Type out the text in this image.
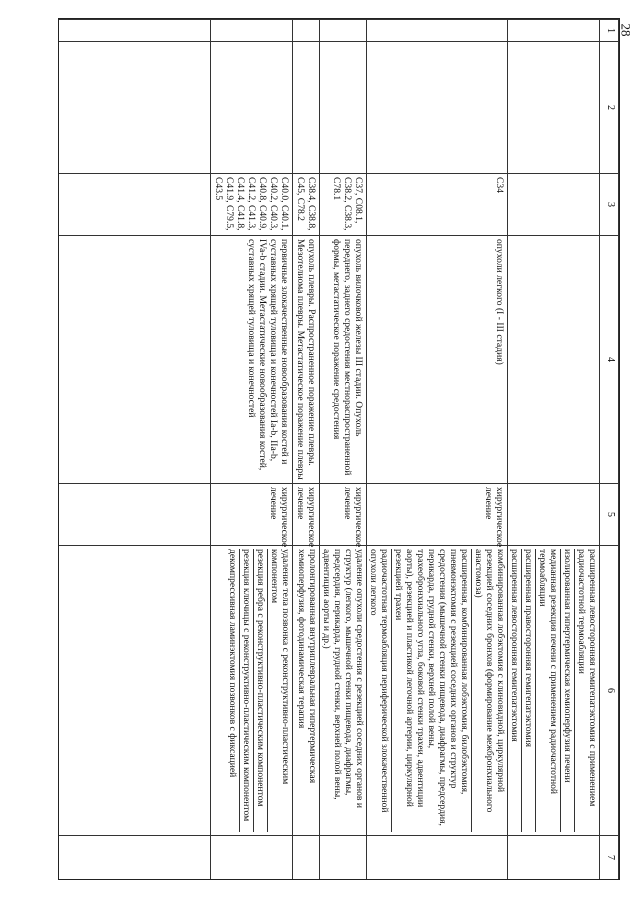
28
1	2	3	4	5	6	7

					расширенная левосторонняя гемигепатэктомия с применением радиочастотной термоабляции
изолированная гипертермическая хемиоперфузия печени
медианная резекция печени с применением радиочастотной термоабляции
расширенная правосторонняя гемигепатэктомия
расширенная левосторонняя гемигепатэктомия	

		C34	опухоли легкого (I - III стадия)	хирургическое лечение	комбинированная лобэктомия с клиновидной, циркулярной резекцией соседних бронхов (формирование межбронхиального анастомоза)
расширенная, комбинированная лобэктомия, билобэктомия, пневмонэктомия с резекцией соседних органов и структур средостения (мышечной стенки пищевода, диафрагмы, предсердия, перикарда, грудной стенки, верхней полой вены, трахеобронхиального угла, боковой стенки трахеи, адвентиции аорты), резекцией и пластикой легочной артерии, циркулярной резекцией трахеи
радиочастотная термоабляция периферической злокачественной опухоли легкого	

		C37, C08.1, C38.2, C38.3, C78.1	опухоль вилочковой железы III стадии. Опухоль переднего, заднего средостения местнораспространенной формы, метастатическое поражение средостения	хирургическое лечение	удаление опухоли средостения с резекцией соседних органов и структур (легкого, мышечной стенки пищевода, диафрагмы, предсердия, перикарда, грудной стенки, верхней полой вены, адвентиции аорты и др.)	

		C38.4, C38.8, C45, C78.2	опухоль плевры. Распространенное поражение плевры. Мезотелиома плевры. Метастатическое поражение плевры	хирургическое лечение	пролонгированная внутриплевральная гипертермическая хемиоперфузия, фотодинамическая терапия	

		C40.0, C40.1, C40.2, C40.3, C40.8, C40.9, C41.2, C41.3, C41.4, C41.8, C41.9, C79.5, C43.5	первичные злокачественные новообразования костей и суставных хрящей туловища и конечностей Ia-b, IIa-b, IVa-b стадии. Метастатические новообразования костей, суставных хрящей туловища и конечностей	хирургическое лечение	удаление тела позвонка с реконструктивно-пластическим компонентом
резекция ребра с реконструктивно-пластическим компонентом
резекция ключицы с реконструктивно-пластическим компонентом
декомпрессивная ламинэктомия позвонков с фиксацией	
